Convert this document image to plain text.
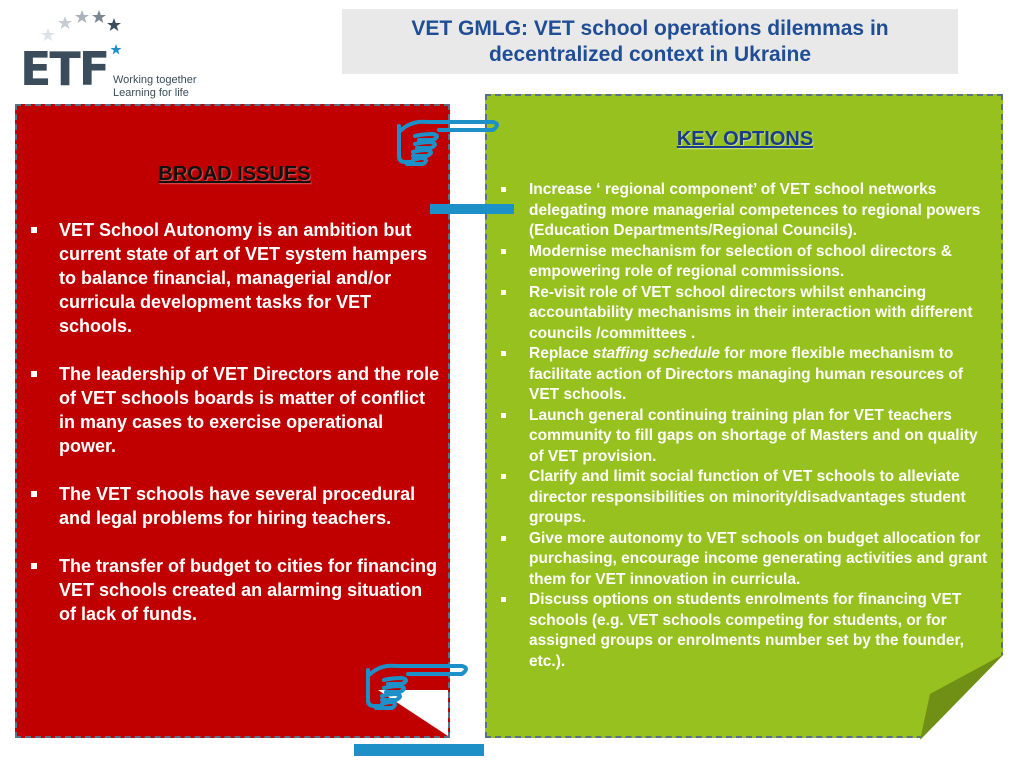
ETF Working together
Learning for life
VET GMLG: VET school operations dilemmas in
decentralized context in Ukraine
BROAD ISSUES
VET School Autonomy is an ambition but current state of art of VET system hampers to balance financial, managerial and/or curricula development tasks for VET schools.
The leadership of VET Directors and the role of VET schools boards is matter of conflict in many cases to exercise operational power.
The VET schools have several procedural and legal problems for hiring teachers.
The transfer of budget to cities for financing VET schools created an alarming situation of lack of funds.
KEY OPTIONS
Increase ‘ regional component’ of VET school networks delegating more managerial competences to regional powers (Education Departments/Regional Councils).
Modernise mechanism for selection of school directors & empowering role of regional commissions.
Re-visit role of VET school directors whilst enhancing accountability mechanisms in their interaction with different councils /committees .
Replace staffing schedule for more flexible mechanism to facilitate action of Directors managing human resources of VET schools.
Launch general continuing training plan for VET teachers community to fill gaps on shortage of Masters and on quality of VET provision.
Clarify and limit social function of VET schools to alleviate director responsibilities on minority/disadvantages student groups.
Give more autonomy to VET schools on budget allocation for purchasing, encourage income generating activities and grant them for VET innovation in curricula.
Discuss options on students enrolments for financing VET schools (e.g. VET schools competing for students, or for assigned groups or enrolments number set by the founder, etc.).
